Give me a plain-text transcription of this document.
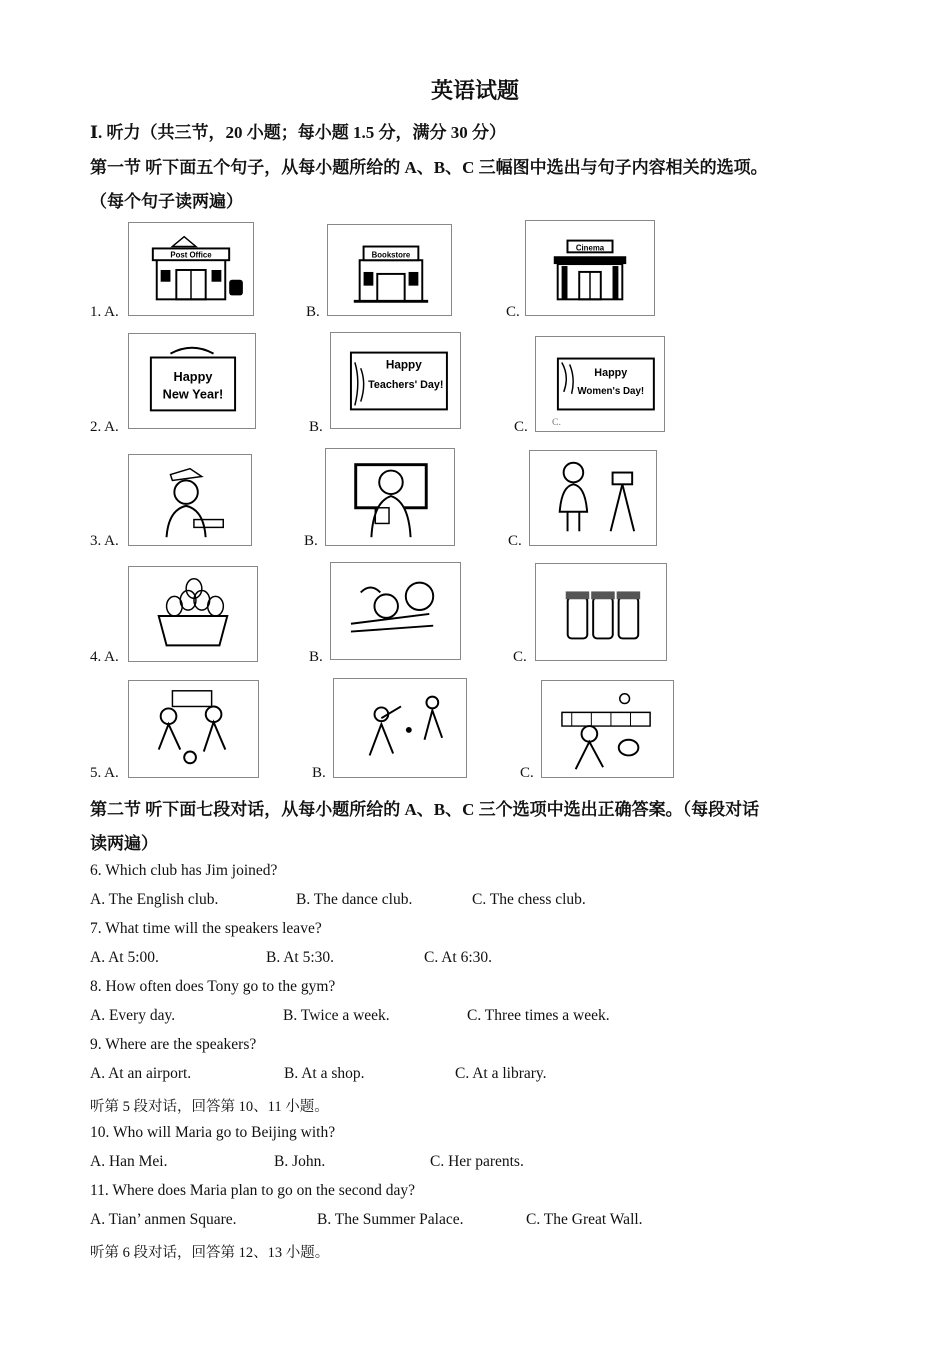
英语试题
Ⅰ. 听力（共三节，20 小题；每小题 1.5 分，满分 30 分）
第一节 听下面五个句子，从每小题所给的 A、B、C 三幅图中选出与句子内容相关的选项。
（每个句子读两遍）
1. A.
Post Office
B.
Bookstore
C.
Cinema
2. A.
Happy
New Year!
B.
Happy
Teachers' Day!
C.
Happy
Women's Day!
C.
3. A.	B.	C.
4. A.	B.	C.
5. A.	B.	C.
第二节 听下面七段对话，从每小题所给的 A、B、C 三个选项中选出正确答案。（每段对话
读两遍）
6. Which club has Jim joined?
A. The English club.	B. The dance club.	C. The chess club.
7. What time will the speakers leave?
A. At 5:00.	B. At 5:30.	C. At 6:30.
8. How often does Tony go to the gym?
A. Every day.	B. Twice a week.	C. Three times a week.
9. Where are the speakers?
A. At an airport.	B. At a shop.	C. At a library.
听第 5 段对话，回答第 10、11 小题。
10. Who will Maria go to Beijing with?
A. Han Mei.	B. John.	C. Her parents.
11. Where does Maria plan to go on the second day?
A. Tian’ anmen Square.	B. The Summer Palace.	C. The Great Wall.
听第 6 段对话，回答第 12、13 小题。
